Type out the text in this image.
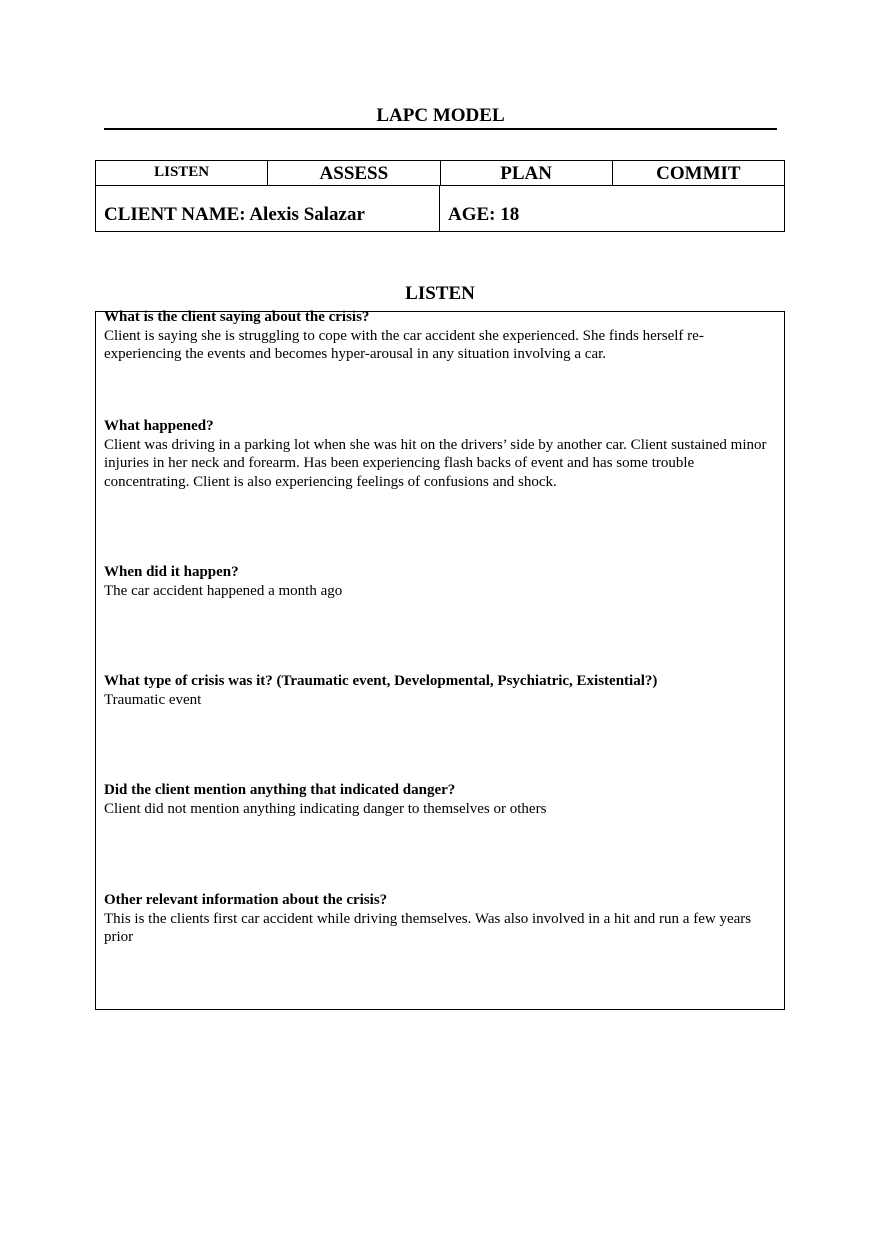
LAPC MODEL
LISTEN	ASSESS	PLAN	COMMIT
CLIENT NAME: Alexis Salazar	AGE: 18
LISTEN
What is the client saying about the crisis?
Client is saying she is struggling to cope with the car accident she experienced. She finds herself re-experiencing the events and becomes hyper-arousal in any situation involving a car.
What happened?
Client was driving in a parking lot when she was hit on the drivers’ side by another car. Client sustained minor injuries in her neck and forearm. Has been experiencing flash backs of event and has some trouble concentrating. Client is also experiencing feelings of confusions and shock.
When did it happen?
The car accident happened a month ago
What type of crisis was it? (Traumatic event, Developmental, Psychiatric, Existential?)
Traumatic event
Did the client mention anything that indicated danger?
Client did not mention anything indicating danger to themselves or others
Other relevant information about the crisis?
This is the clients first car accident while driving themselves. Was also involved in a hit and run a few years prior
